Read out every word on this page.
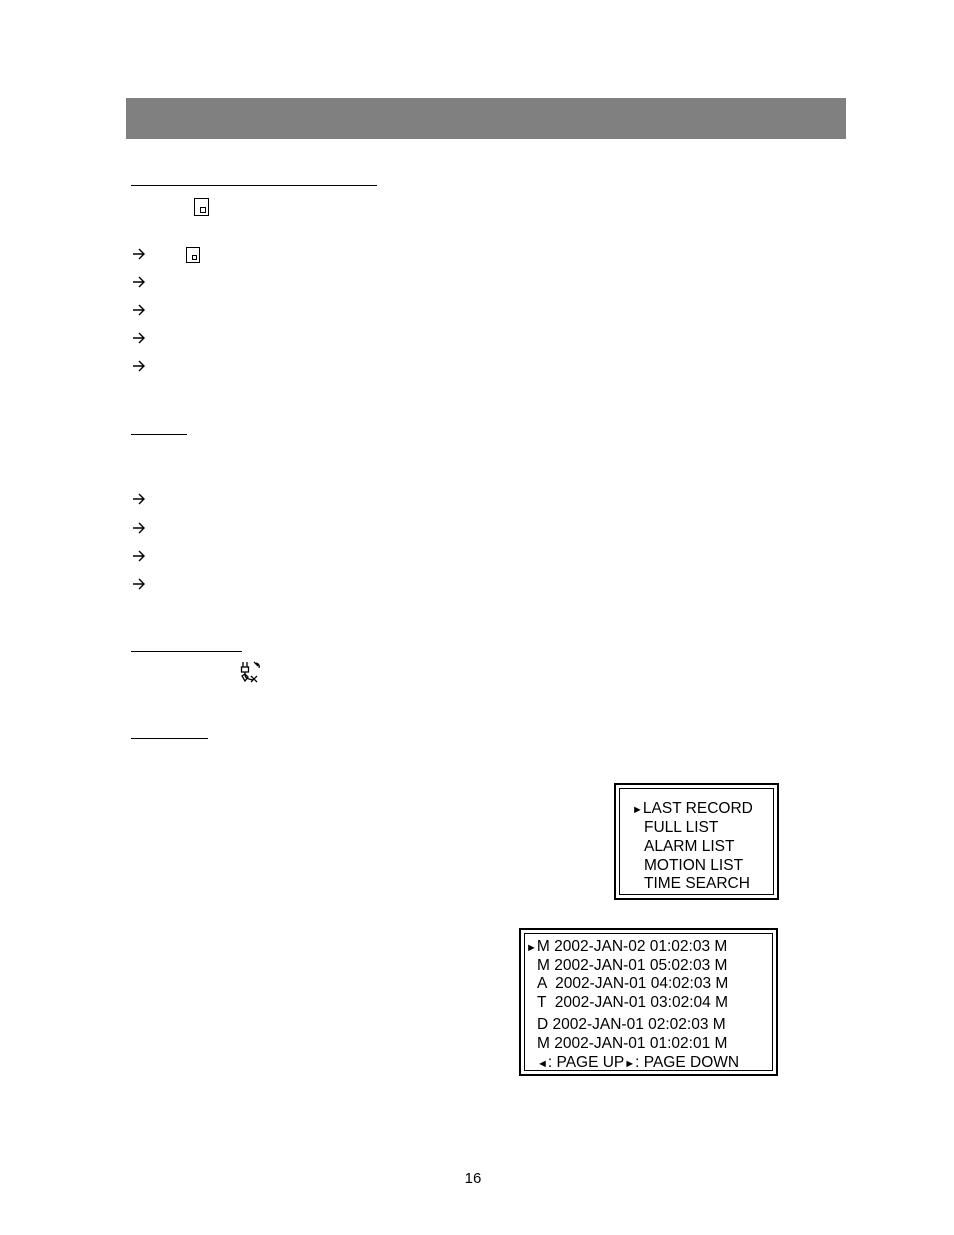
►LAST RECORD
FULL LIST
ALARM LIST
MOTION LIST
TIME SEARCH
►M 2002-JAN-02 01:02:03 M
M 2002-JAN-01 05:02:03 M
A  2002-JAN-01 04:02:03 M
T  2002-JAN-01 03:02:04 M
D 2002-JAN-01 02:02:03 M
M 2002-JAN-01 01:02:01 M
◄: PAGE UP►: PAGE DOWN
16
